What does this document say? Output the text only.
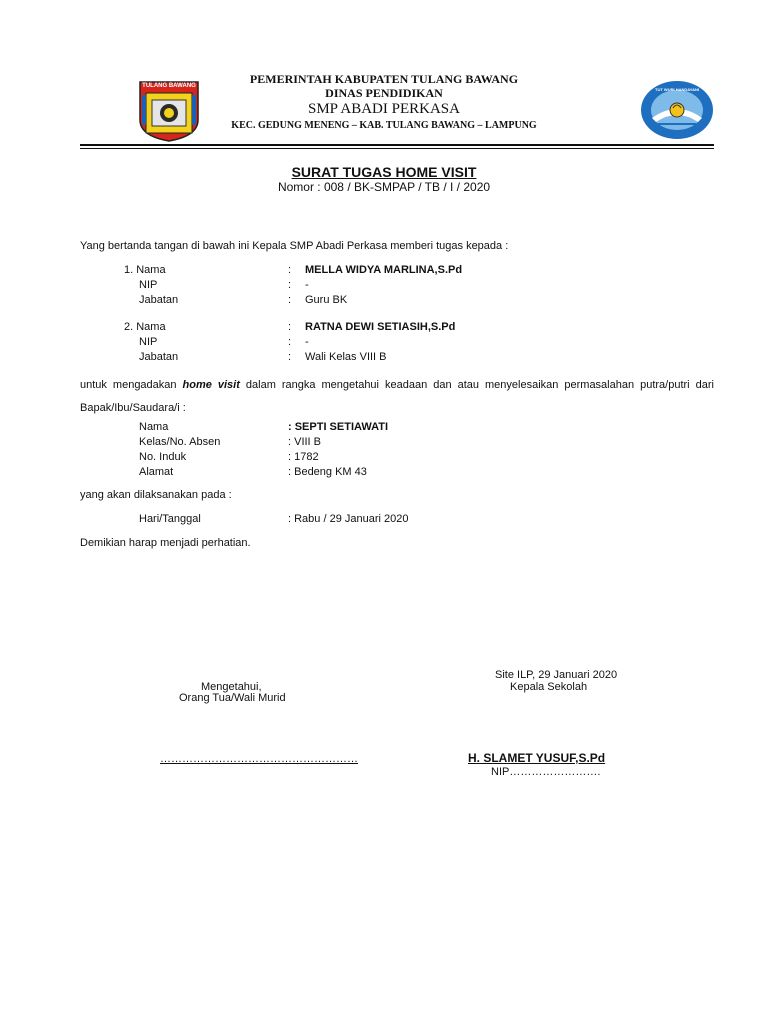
TULANG BAWANG
TUT WURI HANDAYANI
PEMERINTAH KABUPATEN TULANG BAWANG
DINAS PENDIDIKAN
SMP ABADI PERKASA
KEC. GEDUNG MENENG – KAB. TULANG BAWANG – LAMPUNG
SURAT TUGAS HOME VISIT
Nomor : 008 / BK-SMPAP / TB / I / 2020
Yang bertanda tangan di bawah ini Kepala SMP Abadi Perkasa memberi tugas kepada :
1. Nama	: MELLA WIDYA MARLINA,S.Pd
NIP	: -
Jabatan	: Guru BK
2. Nama	: RATNA DEWI SETIASIH,S.Pd
NIP	: -
Jabatan	: Wali Kelas VIII B
untuk mengadakan home visit dalam rangka mengetahui keadaan dan atau menyelesaikan permasalahan putra/putri dari Bapak/Ibu/Saudara/i :
Nama	: SEPTI SETIAWATI
Kelas/No. Absen	: VIII B
No. Induk	: 1782
Alamat	: Bedeng KM 43
yang akan dilaksanakan pada :
Hari/Tanggal	: Rabu / 29 Januari 2020
Demikian harap menjadi perhatian.
Site ILP, 29 Januari 2020
Mengetahui,	Kepala Sekolah
Orang Tua/Wali Murid
………………………………………………	H. SLAMET YUSUF,S.Pd
NIP…………………….
